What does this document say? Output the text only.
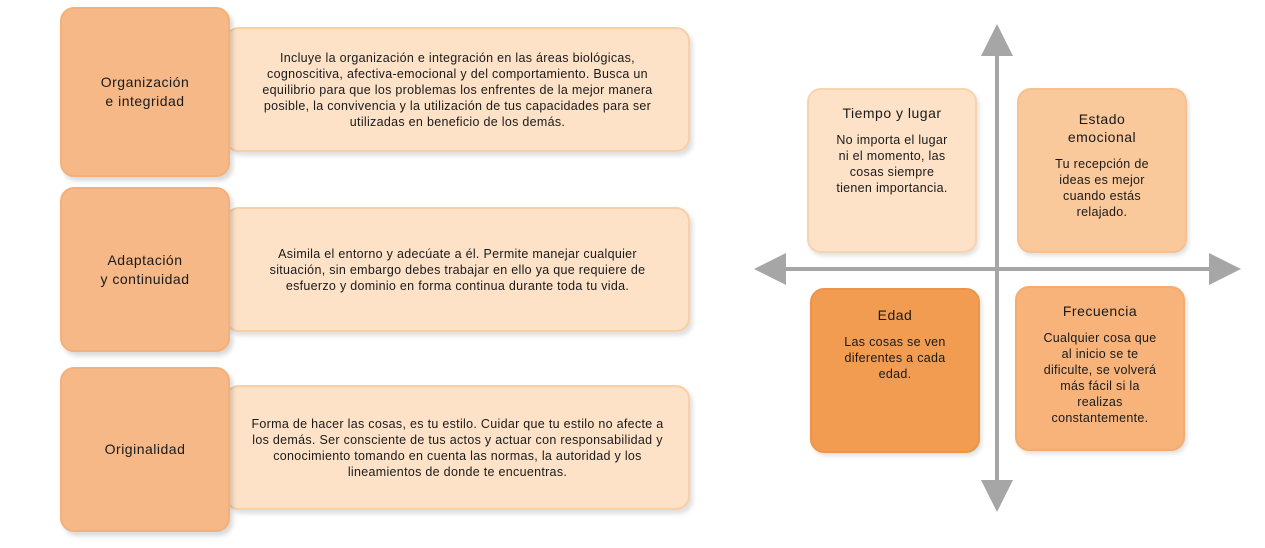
Incluye la organización e integración en las áreas biológicas, cognoscitiva, afectiva-emocional y del comportamiento. Busca un equilibrio para que los problemas los enfrentes de la mejor manera posible, la convivencia y la utilización de tus capacidades para ser utilizadas en beneficio de los demás.
Organización
e integridad
Asimila el entorno y adecúate a él. Permite manejar cualquier situación, sin embargo debes trabajar en ello ya que requiere de esfuerzo y dominio en forma continua durante toda tu vida.
Adaptación
y continuidad
Forma de hacer las cosas, es tu estilo. Cuidar que tu estilo no afecte a los demás. Ser consciente de tus actos y actuar con responsabilidad y conocimiento tomando en cuenta las normas, la autoridad y los lineamientos de donde te encuentras.
Originalidad
Tiempo y lugar
No importa el lugar ni el momento, las cosas siempre tienen importancia.
Estado
emocional
Tu recepción de ideas es mejor cuando estás relajado.
Edad
Las cosas se ven diferentes a cada edad.
Frecuencia
Cualquier cosa que al inicio se te dificulte, se volverá más fácil si la realizas constantemente.
